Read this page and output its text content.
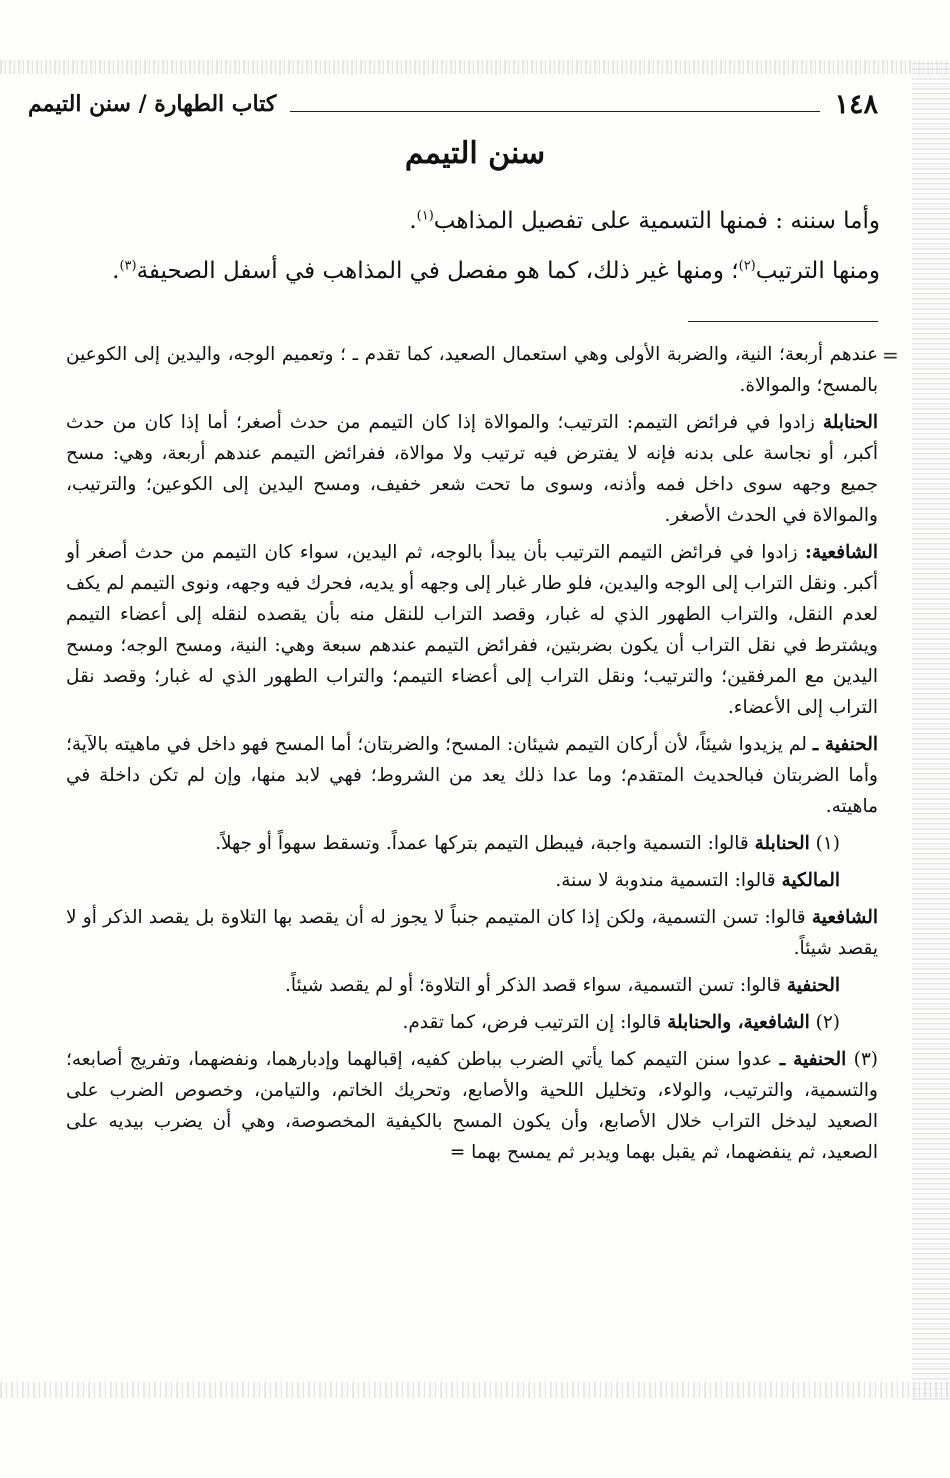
١٤٨
كتاب الطهارة / سنن التيمم
سنن التيمم

وأما سننه : فمنها التسمية على تفصيل المذاهب$^{(١)}$.

ومنها الترتيب$^{(٢)}$؛ ومنها غير ذلك، كما هو مفصل في المذاهب في أسفل الصحيفة$^{(٣)}$.

=

عندهم أربعة؛ النية، والضربة الأولى وهي استعمال الصعيد، كما تقدم ـ ؛ وتعميم الوجه، واليدين إلى الكوعين بالمسح؛ والموالاة.

الحنابلة زادوا في فرائض التيمم: الترتيب؛ والموالاة إذا كان التيمم من حدث أصغر؛ أما إذا كان من حدث أكبر، أو نجاسة على بدنه فإنه لا يفترض فيه ترتيب ولا موالاة، ففرائض التيمم عندهم أربعة، وهي: مسح جميع وجهه سوى داخل فمه وأذنه، وسوى ما تحت شعر خفيف، ومسح اليدين إلى الكوعين؛ والترتيب، والموالاة في الحدث الأصغر.

الشافعية: زادوا في فرائض التيمم الترتيب بأن يبدأ بالوجه، ثم اليدين، سواء كان التيمم من حدث أصغر أو أكبر. ونقل التراب إلى الوجه واليدين، فلو طار غبار إلى وجهه أو يديه، فحرك فيه وجهه، ونوى التيمم لم يكف لعدم النقل، والتراب الطهور الذي له غبار، وقصد التراب للنقل منه بأن يقصده لنقله إلى أعضاء التيمم ويشترط في نقل التراب أن يكون بضربتين، ففرائض التيمم عندهم سبعة وهي: النية، ومسح الوجه؛ ومسح اليدين مع المرفقين؛ والترتيب؛ ونقل التراب إلى أعضاء التيمم؛ والتراب الطهور الذي له غبار؛ وقصد نقل التراب إلى الأعضاء.

الحنفية ـ لم يزيدوا شيئاً، لأن أركان التيمم شيئان: المسح؛ والضربتان؛ أما المسح فهو داخل في ماهيته بالآية؛ وأما الضربتان فبالحديث المتقدم؛ وما عدا ذلك يعد من الشروط؛ فهي لابد منها، وإن لم تكن داخلة في ماهيته.

(١) الحنابلة قالوا: التسمية واجبة، فيبطل التيمم بتركها عمداً. وتسقط سهواً أو جهلاً.

المالكية قالوا: التسمية مندوبة لا سنة.

الشافعية قالوا: تسن التسمية، ولكن إذا كان المتيمم جنباً لا يجوز له أن يقصد بها التلاوة بل يقصد الذكر أو لا يقصد شيئاً.

الحنفية قالوا: تسن التسمية، سواء قصد الذكر أو التلاوة؛ أو لم يقصد شيئاً.

(٢) الشافعية، والحنابلة قالوا: إن الترتيب فرض، كما تقدم.

(٣) الحنفية ـ عدوا سنن التيمم كما يأتي الضرب بباطن كفيه، إقبالهما وإدبارهما، ونفضهما، وتفريج أصابعه؛ والتسمية، والترتيب، والولاء، وتخليل اللحية والأصابع، وتحريك الخاتم، والتيامن، وخصوص الضرب على الصعيد ليدخل التراب خلال الأصابع، وأن يكون المسح بالكيفية المخصوصة، وهي أن يضرب بيديه على الصعيد، ثم ينفضهما، ثم يقبل بهما ويدبر ثم يمسح بهما =
